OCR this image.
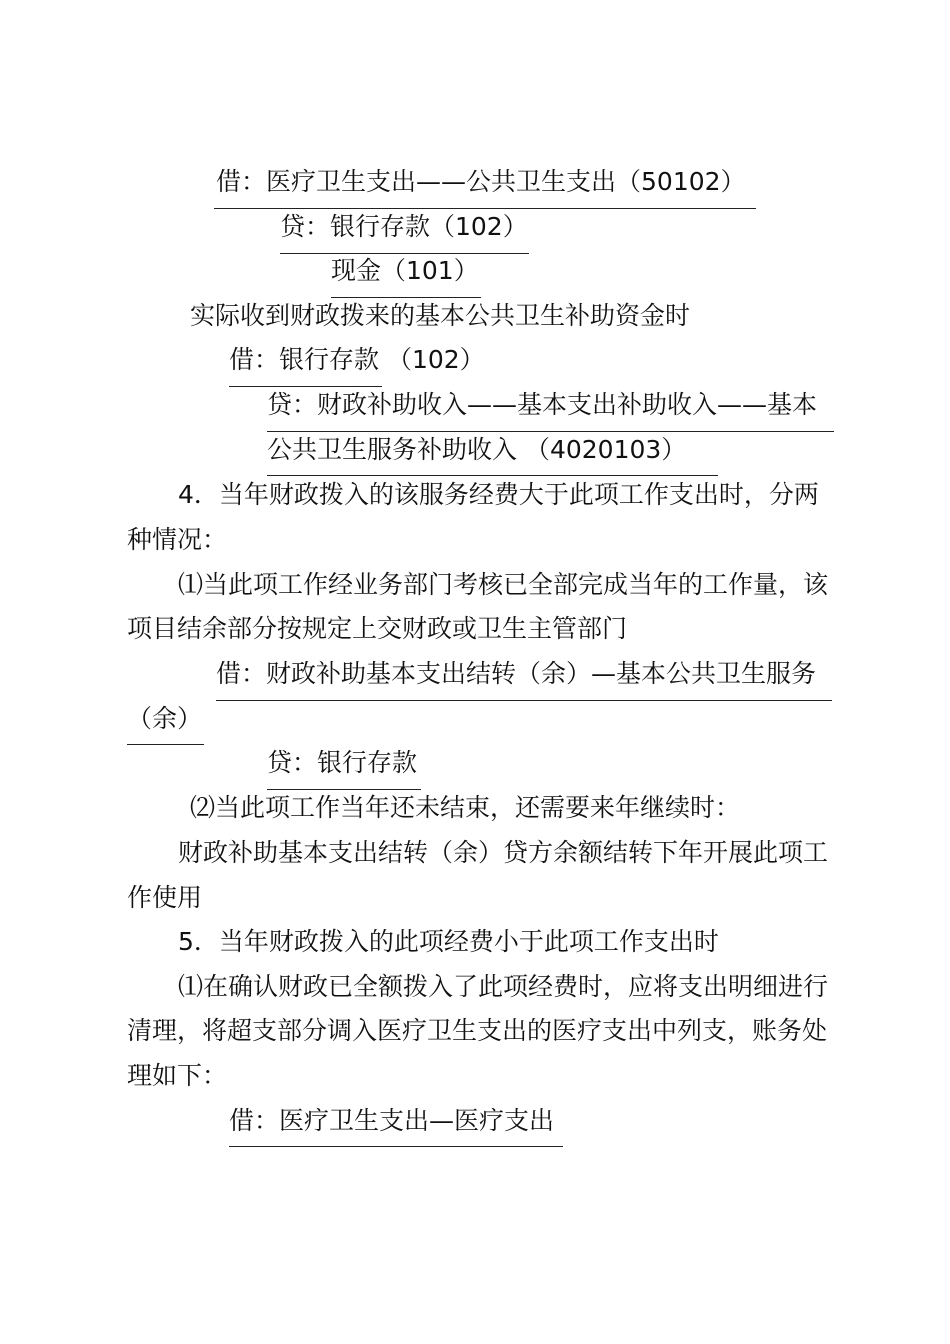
借：医疗卫生支出——公共卫生支出（50102）
贷：银行存款（102）
现金（101）
实际收到财政拨来的基本公共卫生补助资金时
借：银行存款 （102）
贷：财政补助收入——基本支出补助收入——基本
公共卫生服务补助收入 （4020103）
4．当年财政拨入的该服务经费大于此项工作支出时，分两
种情况：
⑴当此项工作经业务部门考核已全部完成当年的工作量，该
项目结余部分按规定上交财政或卫生主管部门
借：财政补助基本支出结转（余）—基本公共卫生服务
（余）
贷：银行存款
⑵当此项工作当年还未结束，还需要来年继续时：
财政补助基本支出结转（余）贷方余额结转下年开展此项工
作使用
5．当年财政拨入的此项经费小于此项工作支出时
⑴在确认财政已全额拨入了此项经费时，应将支出明细进行
清理，将超支部分调入医疗卫生支出的医疗支出中列支，账务处
理如下：
借：医疗卫生支出—医疗支出
